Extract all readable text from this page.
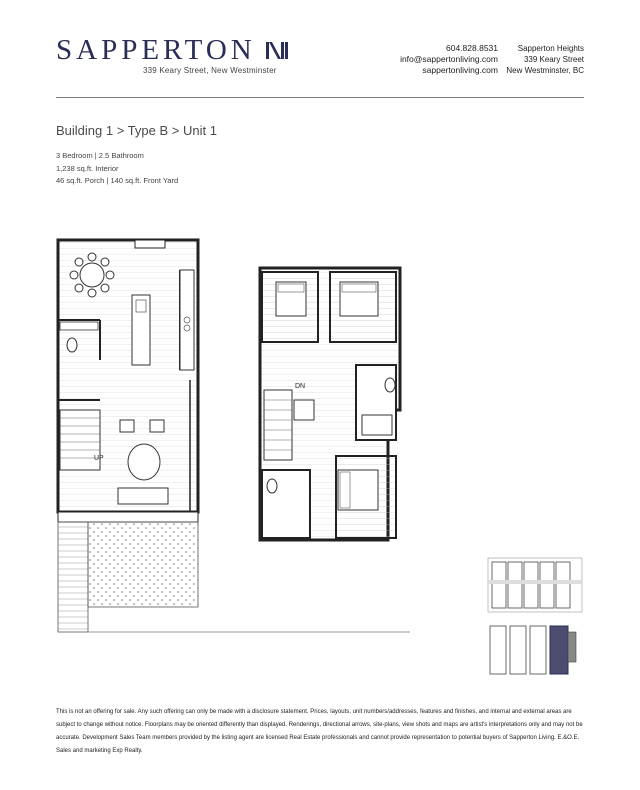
SAPPERTON
339 Keary Street, New Westminster
604.828.8531
info@sappertonliving.com
sappertonliving.com
Sapperton Heights
339 Keary Street
New Westminster, BC
Building 1 > Type B > Unit 1
3 Bedroom | 2.5 Bathroom
1,238 sq.ft. Interior
46 sq.ft. Porch | 140 sq.ft. Front Yard
UP
DN
This is not an offering for sale. Any such offering can only be made with a disclosure statement. Prices, layouts, unit numbers/addresses, features and finishes, and internal and external areas are subject to change without notice. Floorplans may be oriented differently than displayed. Renderings, directional arrows, site-plans, view shots and maps are artist's interpretations only and may not be accurate. Development Sales Team members provided by the listing agent are licensed Real Estate professionals and cannot provide representation to potential buyers of Sapperton Living. E.&O.E. Sales and marketing Exp Realty.
